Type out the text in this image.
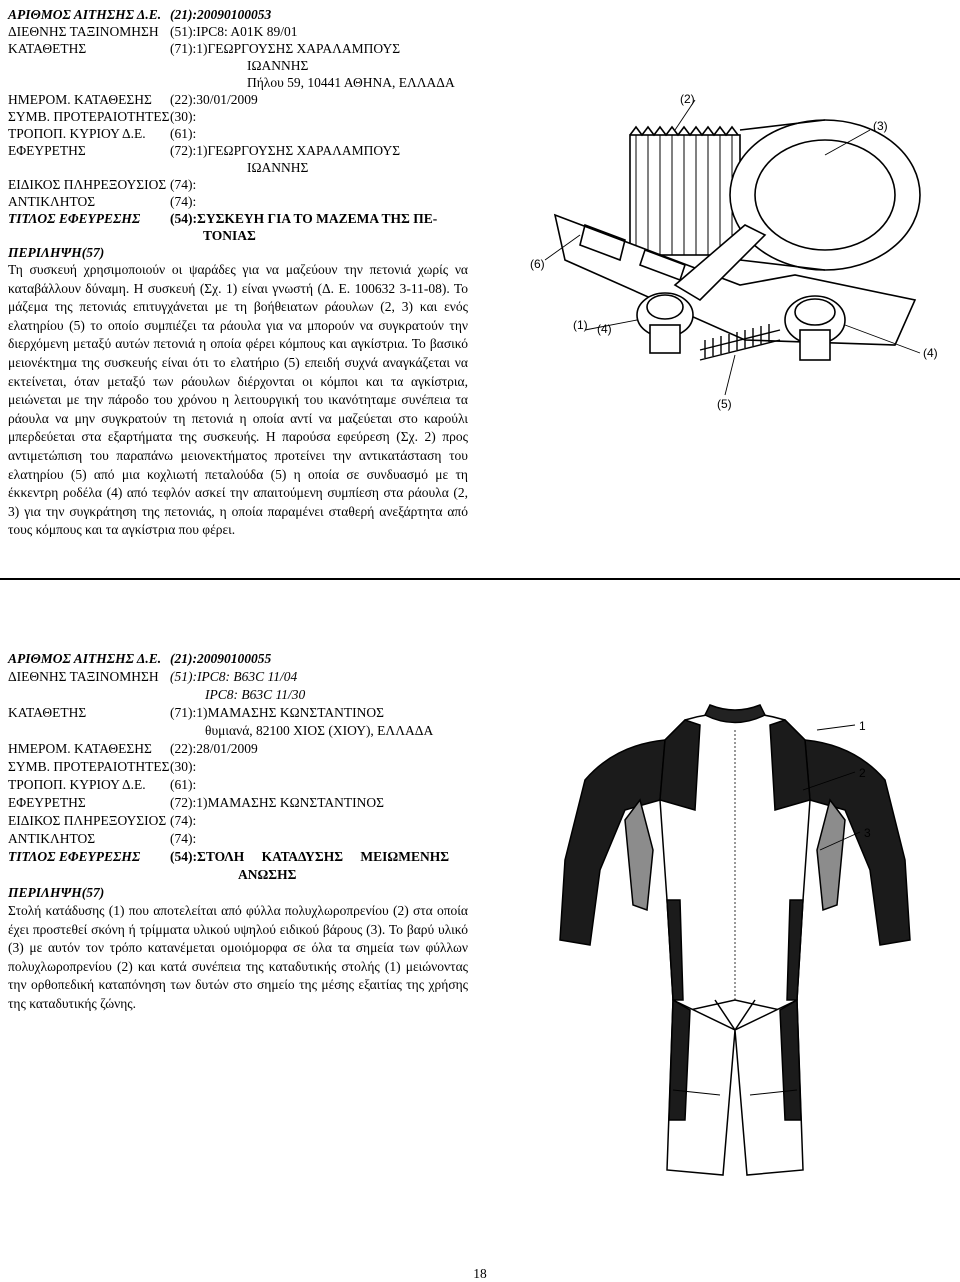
ΑΡΙΘΜΟΣ ΑΙΤΗΣΗΣ Δ.Ε. (21):20090100053
ΔΙΕΘΝΗΣ ΤΑΞΙΝΟΜΗΣΗ (51):IPC8: A01K 89/01
ΚΑΤΑΘΕΤΗΣ	(71):1)ΓΕΩΡΓΟΥΣΗΣ ΧΑΡΑΛΑΜΠΟΥΣ
ΙΩΑΝΝΗΣ
Πήλου 59, 10441 ΑΘΗΝΑ, ΕΛΛΑΔΑ
ΗΜΕΡΟΜ. ΚΑΤΑΘΕΣΗΣ (22):30/01/2009
ΣΥΜΒ. ΠΡΟΤΕΡΑΙΟΤΗΤΕΣ (30):
ΤΡΟΠΟΠ. ΚΥΡΙΟΥ Δ.Ε. (61):
ΕΦΕΥΡΕΤΗΣ	(72):1)ΓΕΩΡΓΟΥΣΗΣ ΧΑΡΑΛΑΜΠΟΥΣ
ΙΩΑΝΝΗΣ
ΕΙΔΙΚΟΣ ΠΛΗΡΕΞΟΥΣΙΟΣ (74):
ΑΝΤΙΚΛΗΤΟΣ	(74):
ΤΙΤΛΟΣ ΕΦΕΥΡΕΣΗΣ (54):ΣΥΣΚΕΥΗ ΓΙΑ ΤΟ ΜΑΖΕΜΑ ΤΗΣ ΠΕ-
ΤΟΝΙΑΣ
ΠΕΡΙΛΗΨΗ(57)
Τη συσκευή χρησιμοποιούν οι ψαράδες για να μαζεύουν την πετονιά χωρίς να καταβάλλουν δύναμη. Η συσκευή (Σχ. 1) είναι γνωστή (Δ. Ε. 100632 3-11-08). Το μάζεμα της πετονιάς επιτυγχάνεται με τη βοήθειατων ράουλων (2, 3) και ενός ελατηρίου (5) το οποίο συμπιέζει τα ράουλα για να μπορούν να συγκρατούν την διερχόμενη μεταξύ αυτών πετονιά η οποία φέρει κόμπους και αγκίστρια. Το βασικό μειονέκτημα της συσκευής είναι ότι το ελατήριο (5) επειδή συχνά αναγκάζεται να εκτείνεται, όταν μεταξύ των ράουλων διέρχονται οι κόμποι και τα αγκίστρια, μειώνεται με την πάροδο του χρόνου η λειτουργική του ικανότηταμε συνέπεια τα ράουλα να μην συγκρατούν τη πετονιά η οποία αντί να μαζεύεται στο καρούλι μπερδεύεται στα εξαρτήματα της συσκευής. Η παρούσα εφεύρεση (Σχ. 2) προς αντιμετώπιση του παραπάνω μειονεκτήματος προτείνει την αντικατάσταση του ελατηρίου (5) από μια κοχλιωτή πεταλούδα (5) η οποία σε συνδυασμό με τη έκκεντρη ροδέλα (4) από τεφλόν ασκεί την απαιτούμενη συμπίεση στα ράουλα (2, 3) για την συγκράτηση της πετονιάς, η οποία παραμένει σταθερή ανεξάρτητα από τους κόμπους και τα αγκίστρια που φέρει.
(2)
(3)
(6)
(1) (4)
(4)
(5)
ΑΡΙΘΜΟΣ ΑΙΤΗΣΗΣ Δ.Ε. (21):20090100055
ΔΙΕΘΝΗΣ ΤΑΞΙΝΟΜΗΣΗ (51):IPC8: B63C 11/04
IPC8: B63C 11/30
ΚΑΤΑΘΕΤΗΣ	(71):1)ΜΑΜΑΣΗΣ ΚΩΝΣΤΑΝΤΙΝΟΣ
θυμιανά, 82100 ΧΙΟΣ (ΧΙΟΥ), ΕΛΛΑΔΑ
ΗΜΕΡΟΜ. ΚΑΤΑΘΕΣΗΣ (22):28/01/2009
ΣΥΜΒ. ΠΡΟΤΕΡΑΙΟΤΗΤΕΣ (30):
ΤΡΟΠΟΠ. ΚΥΡΙΟΥ Δ.Ε. (61):
ΕΦΕΥΡΕΤΗΣ	(72):1)ΜΑΜΑΣΗΣ ΚΩΝΣΤΑΝΤΙΝΟΣ
ΕΙΔΙΚΟΣ ΠΛΗΡΕΞΟΥΣΙΟΣ (74):
ΑΝΤΙΚΛΗΤΟΣ	(74):
ΤΙΤΛΟΣ ΕΦΕΥΡΕΣΗΣ (54):ΣΤΟΛΗ ΚΑΤΑΔΥΣΗΣ ΜΕΙΩΜΕΝΗΣ
ΑΝΩΣΗΣ
ΠΕΡΙΛΗΨΗ(57)
Στολή κατάδυσης (1) που αποτελείται από φύλλα πολυχλωροπρενίου (2) στα οποία έχει προστεθεί σκόνη ή τρίμματα υλικού υψηλού ειδικού βάρους (3). Το βαρύ υλικό (3) με αυτόν τον τρόπο κατανέμεται ομοιόμορφα σε όλα τα σημεία των φύλλων πολυχλωροπρενίου (2) και κατά συνέπεια της καταδυτικής στολής (1) μειώνοντας την ορθοπεδική καταπόνηση των δυτών στο σημείο της μέσης εξαιτίας της χρήσης της καταδυτικής ζώνης.
1
2
3
18
